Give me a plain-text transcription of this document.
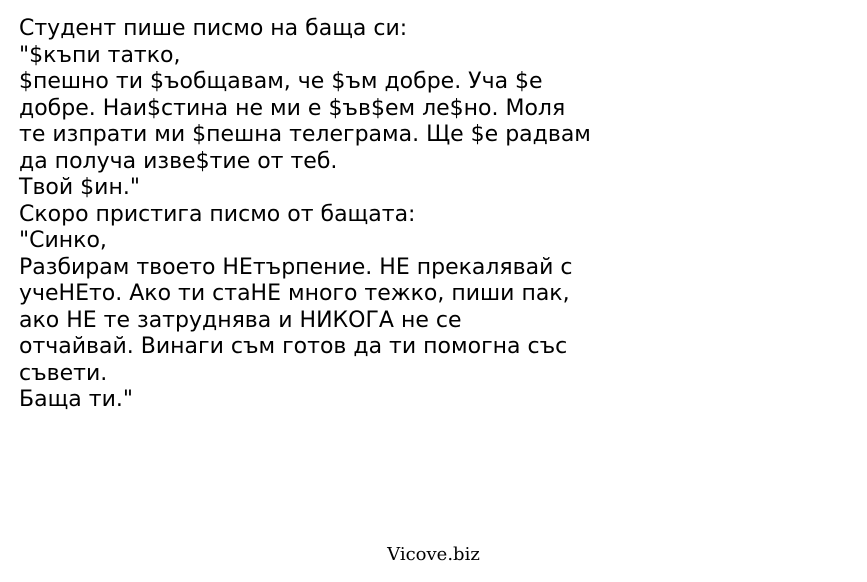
Студент пише писмо на баща си:
"$къпи татко,
$пешно ти $ъобщавам, че $ъм добре. Уча $е
добре. Наи$стина не ми е $ъв$ем ле$но. Моля
те изпрати ми $пешна телеграма. Ще $е радвам
да получа изве$тие от теб.
Твой $ин."
Скоро пристига писмо от бащата:
"Синко,
Разбирам твоето НЕтърпение. НЕ прекалявай с
учеНЕто. Ако ти стаНЕ много тежко, пиши пак,
ако НЕ те затруднява и НИКОГА не се
отчайвай. Винаги съм готов да ти помогна със
съвети.
Баща ти."
Vicove.biz
